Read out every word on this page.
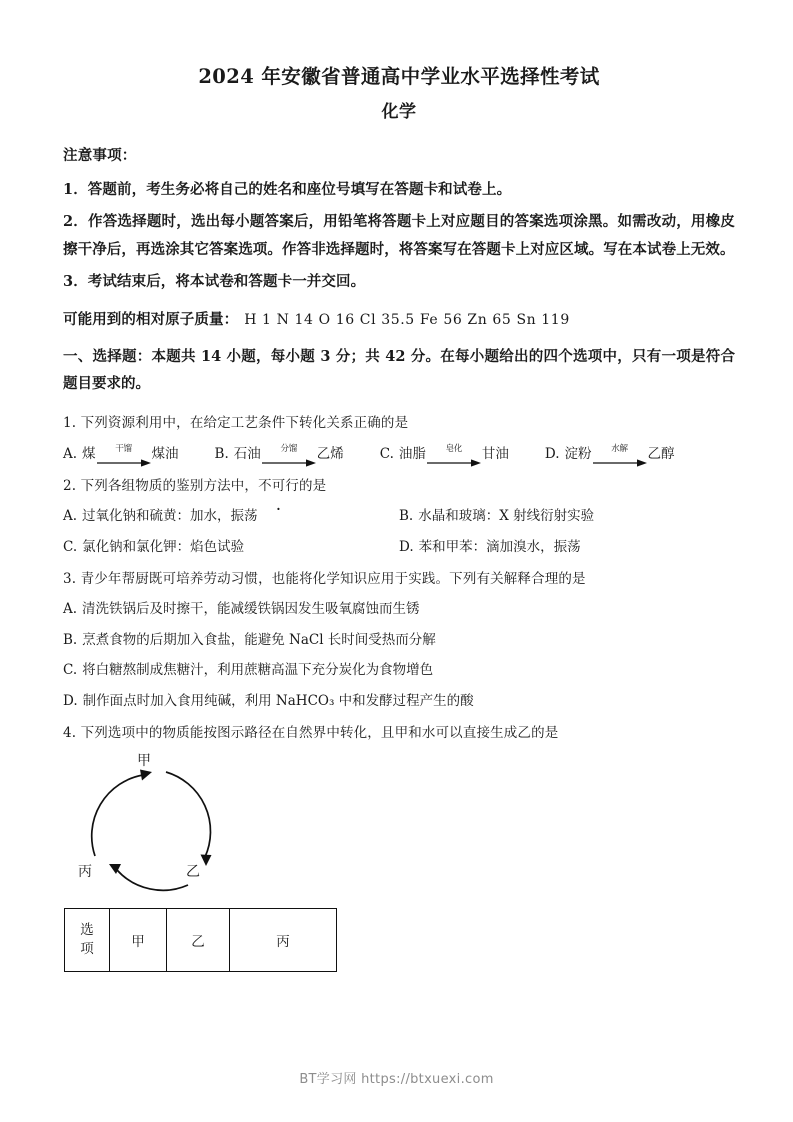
2024 年安徽省普通高中学业水平选择性考试
化学

注意事项：

1．答题前，考生务必将自己的姓名和座位号填写在答题卡和试卷上。

2．作答选择题时，选出每小题答案后，用铅笔将答题卡上对应题目的答案选项涂黑。如需改动，用橡皮擦干净后，再选涂其它答案选项。作答非选择题时，将答案写在答题卡上对应区域。写在本试卷上无效。

3．考试结束后，将本试卷和答题卡一并交回。

可能用到的相对原子质量： H 1 N 14 O 16 Cl 35.5 Fe 56 Zn 65 Sn 119

一、选择题：本题共 14 小题，每小题 3 分；共 42 分。在每小题给出的四个选项中，只有一项是符合题目要求的。

1. 下列资源利用中，在给定工艺条件下转化关系正确的是

A. 煤	干馏	煤油	B. 石油	分馏	乙烯	C. 油脂	皂化	甘油	D. 淀粉	水解	乙醇

2. 下列各组物质的鉴别方法中，不可行的是

A. 过氧化钠和硫黄：加水，振荡	B. 水晶和玻璃：X 射线衍射实验
C. 氯化钠和氯化钾：焰色试验	D. 苯和甲苯：滴加溴水，振荡

3. 青少年帮厨既可培养劳动习惯，也能将化学知识应用于实践。下列有关解释合理的是

A. 清洗铁锅后及时擦干，能减缓铁锅因发生吸氧腐蚀而生锈
B. 烹煮食物的后期加入食盐，能避免 NaCl 长时间受热而分解
C. 将白糖熬制成焦糖汁，利用蔗糖高温下充分炭化为食物增色
D. 制作面点时加入食用纯碱，利用 NaHCO₃ 中和发酵过程产生的酸

4. 下列选项中的物质能按图示路径在自然界中转化，且甲和水可以直接生成乙的是

甲
乙
丙
选
项	甲	乙	丙
BT学习网 https://btxuexi.com
